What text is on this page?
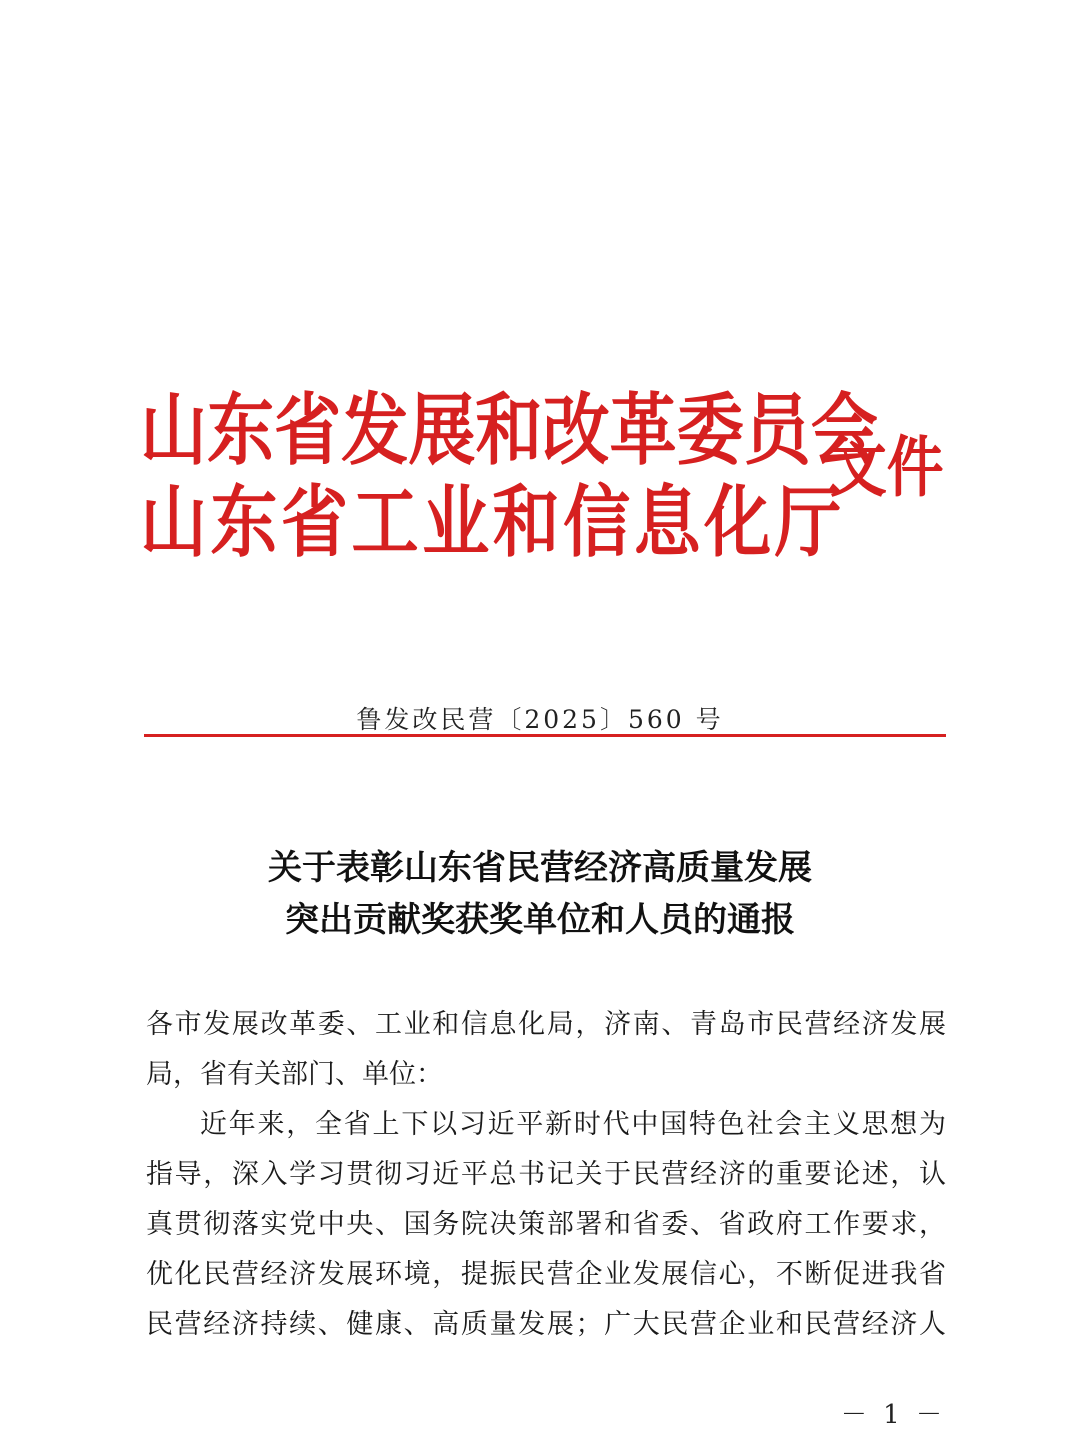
山东省发展和改革委员会
山东省工业和信息化厅
文件
鲁发改民营〔2025〕560 号
关于表彰山东省民营经济高质量发展
突出贡献奖获奖单位和人员的通报
各市发展改革委、工业和信息化局，济南、青岛市民营经济发展
局，省有关部门、单位：
近年来，全省上下以习近平新时代中国特色社会主义思想为
指导，深入学习贯彻习近平总书记关于民营经济的重要论述，认
真贯彻落实党中央、国务院决策部署和省委、省政府工作要求，
优化民营经济发展环境，提振民营企业发展信心，不断促进我省
民营经济持续、健康、高质量发展；广大民营企业和民营经济人
－ 1 －
